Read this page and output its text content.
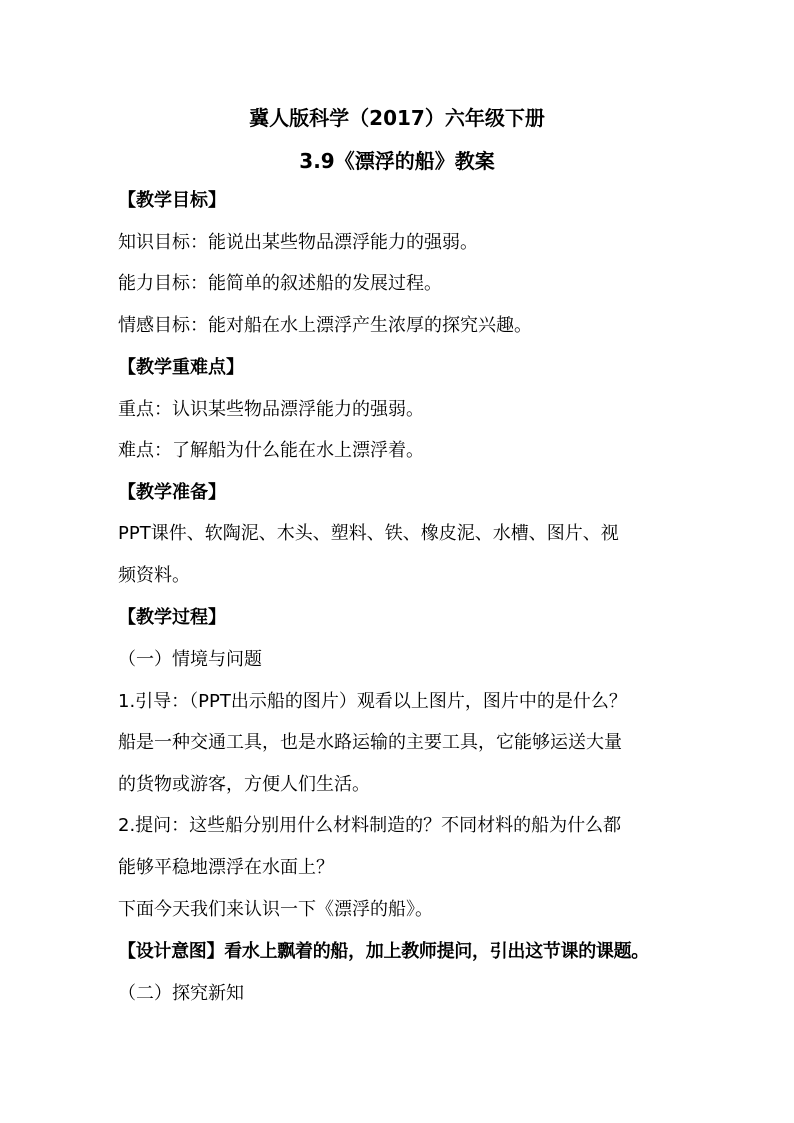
冀人版科学（2017）六年级下册
3.9《漂浮的船》教案
【教学目标】
知识目标：能说出某些物品漂浮能力的强弱。
能力目标：能简单的叙述船的发展过程。
情感目标：能对船在水上漂浮产生浓厚的探究兴趣。
【教学重难点】
重点：认识某些物品漂浮能力的强弱。
难点：了解船为什么能在水上漂浮着。
【教学准备】
PPT课件、软陶泥、木头、塑料、铁、橡皮泥、水槽、图片、视
频资料。
【教学过程】
（一）情境与问题
1.引导：（PPT出示船的图片）观看以上图片，图片中的是什么？
船是一种交通工具，也是水路运输的主要工具，它能够运送大量
的货物或游客，方便人们生活。
2.提问：这些船分别用什么材料制造的？不同材料的船为什么都
能够平稳地漂浮在水面上？
下面今天我们来认识一下《漂浮的船》。
【设计意图】看水上飘着的船，加上教师提问，引出这节课的课题。
（二）探究新知
